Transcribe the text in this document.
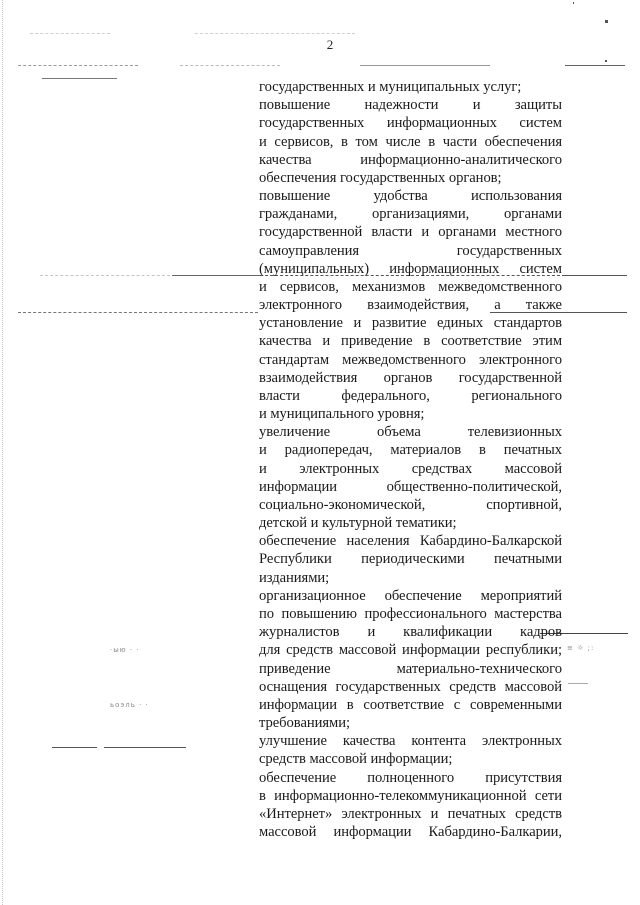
2
≡ ☼ ;:
·ыю · ·
ьоэль · ·
государственных и муниципальных услуг;
повышение надежности и защиты
государственных информационных систем
и сервисов, в том числе в части обеспечения
качества информационно-аналитического
обеспечения государственных органов;
повышение удобства использования
гражданами, организациями, органами
государственной власти и органами местного
самоуправления государственных
(муниципальных) информационных систем
и сервисов, механизмов межведомственного
электронного взаимодействия, а также
установление и развитие единых стандартов
качества и приведение в соответствие этим
стандартам межведомственного электронного
взаимодействия органов государственной
власти федерального, регионального
и муниципального уровня;
увеличение объема телевизионных
и радиопередач, материалов в печатных
и электронных средствах массовой
информации общественно-политической,
социально-экономической, спортивной,
детской и культурной тематики;
обеспечение населения Кабардино-Балкарской
Республики периодическими печатными
изданиями;
организационное обеспечение мероприятий
по повышению профессионального мастерства
журналистов и квалификации кадров
для средств массовой информации республики;
приведение материально-технического
оснащения государственных средств массовой
информации в соответствие с современными
требованиями;
улучшение качества контента электронных
средств массовой информации;
обеспечение полноценного присутствия
в информационно-телекоммуникационной сети
«Интернет» электронных и печатных средств
массовой информации Кабардино-Балкарии,
